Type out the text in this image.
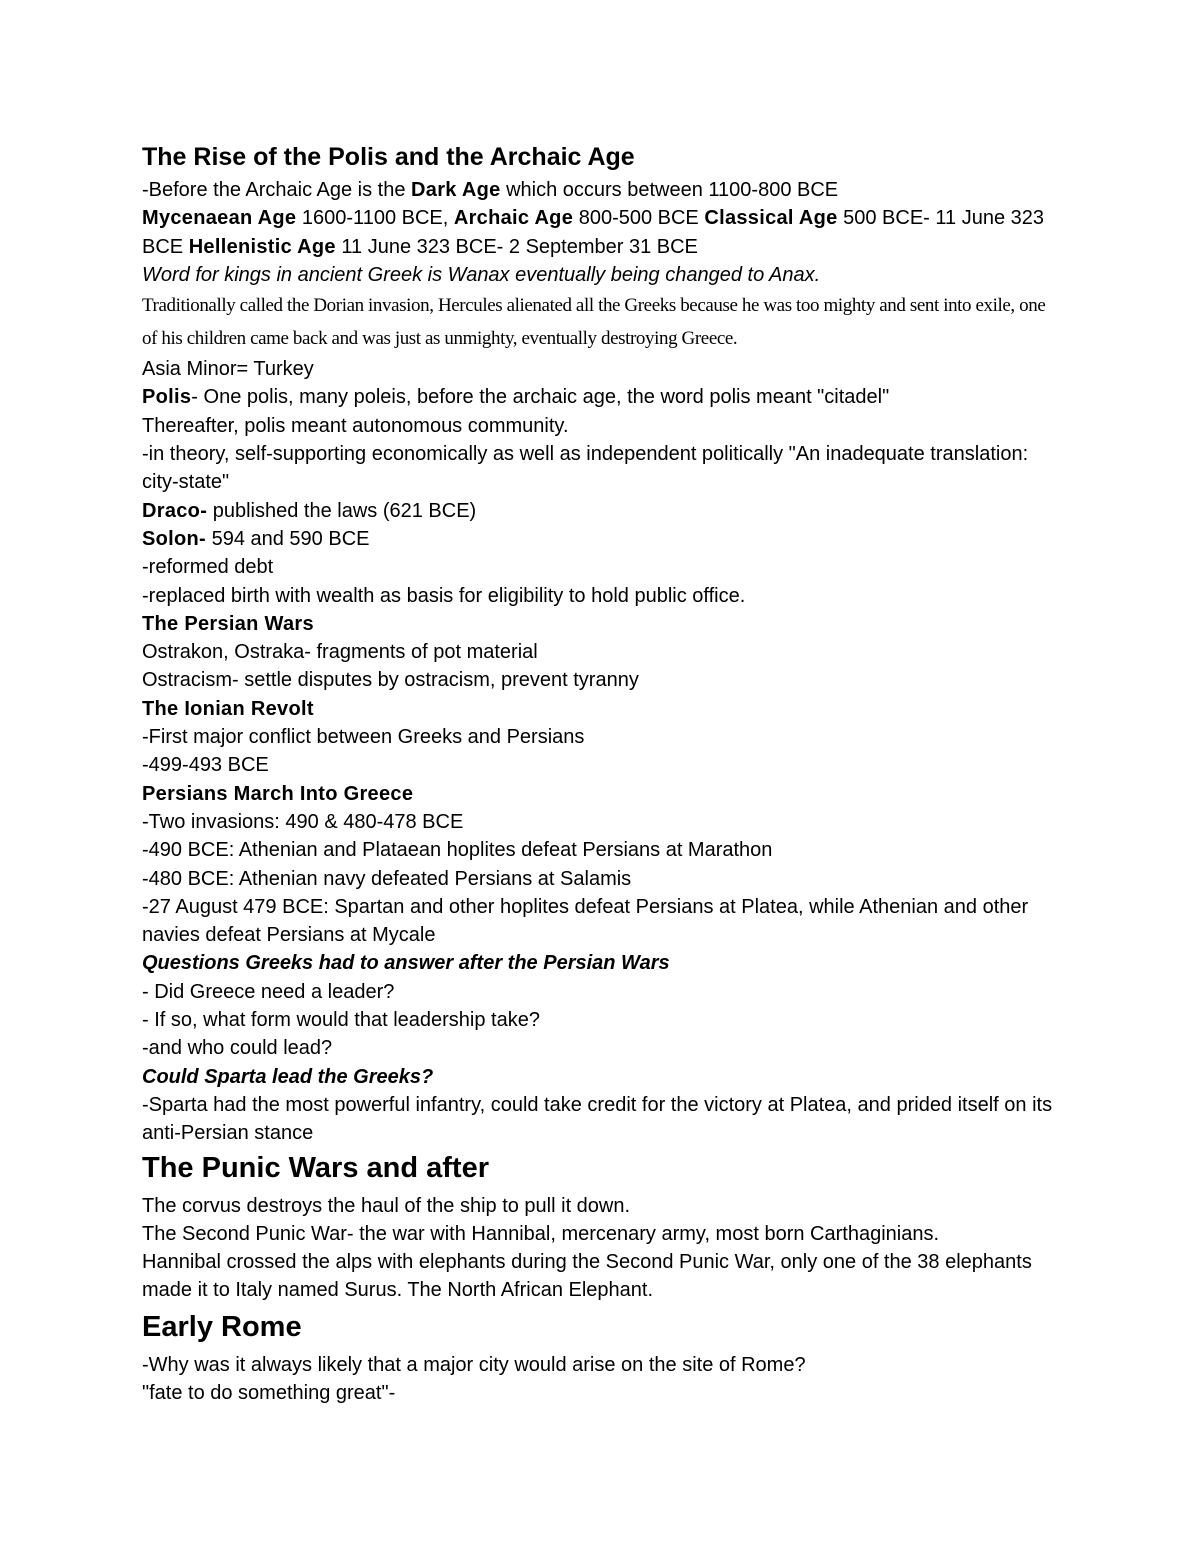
The Rise of the Polis and the Archaic Age

-Before the Archaic Age is the Dark Age which occurs between 1100-800 BCE

Mycenaean Age 1600-1100 BCE, Archaic Age 800-500 BCE Classical Age 500 BCE- 11 June 323 BCE Hellenistic Age 11 June 323 BCE- 2 September 31 BCE

Word for kings in ancient Greek is Wanax eventually being changed to Anax.

Traditionally called the Dorian invasion, Hercules alienated all the Greeks because he was too mighty and sent into exile, one of his children came back and was just as unmighty, eventually destroying Greece.

Asia Minor= Turkey

Polis- One polis, many poleis, before the archaic age, the word polis meant "citadel"

Thereafter, polis meant autonomous community.

-in theory, self-supporting economically as well as independent politically "An inadequate translation: city-state"

Draco- published the laws (621 BCE)

Solon- 594 and 590 BCE

-reformed debt

-replaced birth with wealth as basis for eligibility to hold public office.

The Persian Wars

Ostrakon, Ostraka- fragments of pot material

Ostracism- settle disputes by ostracism, prevent tyranny

The Ionian Revolt

-First major conflict between Greeks and Persians

-499-493 BCE

Persians March Into Greece

-Two invasions: 490 & 480-478 BCE

-490 BCE: Athenian and Plataean hoplites defeat Persians at Marathon

-480 BCE: Athenian navy defeated Persians at Salamis

-27 August 479 BCE: Spartan and other hoplites defeat Persians at Platea, while Athenian and other navies defeat Persians at Mycale

Questions Greeks had to answer after the Persian Wars

- Did Greece need a leader?

- If so, what form would that leadership take?

-and who could lead?

Could Sparta lead the Greeks?

-Sparta had the most powerful infantry, could take credit for the victory at Platea, and prided itself on its anti-Persian stance

The Punic Wars and after

The corvus destroys the haul of the ship to pull it down.

The Second Punic War- the war with Hannibal, mercenary army, most born Carthaginians.

Hannibal crossed the alps with elephants during the Second Punic War, only one of the 38 elephants made it to Italy named Surus. The North African Elephant.

Early Rome

-Why was it always likely that a major city would arise on the site of Rome?

"fate to do something great"-
